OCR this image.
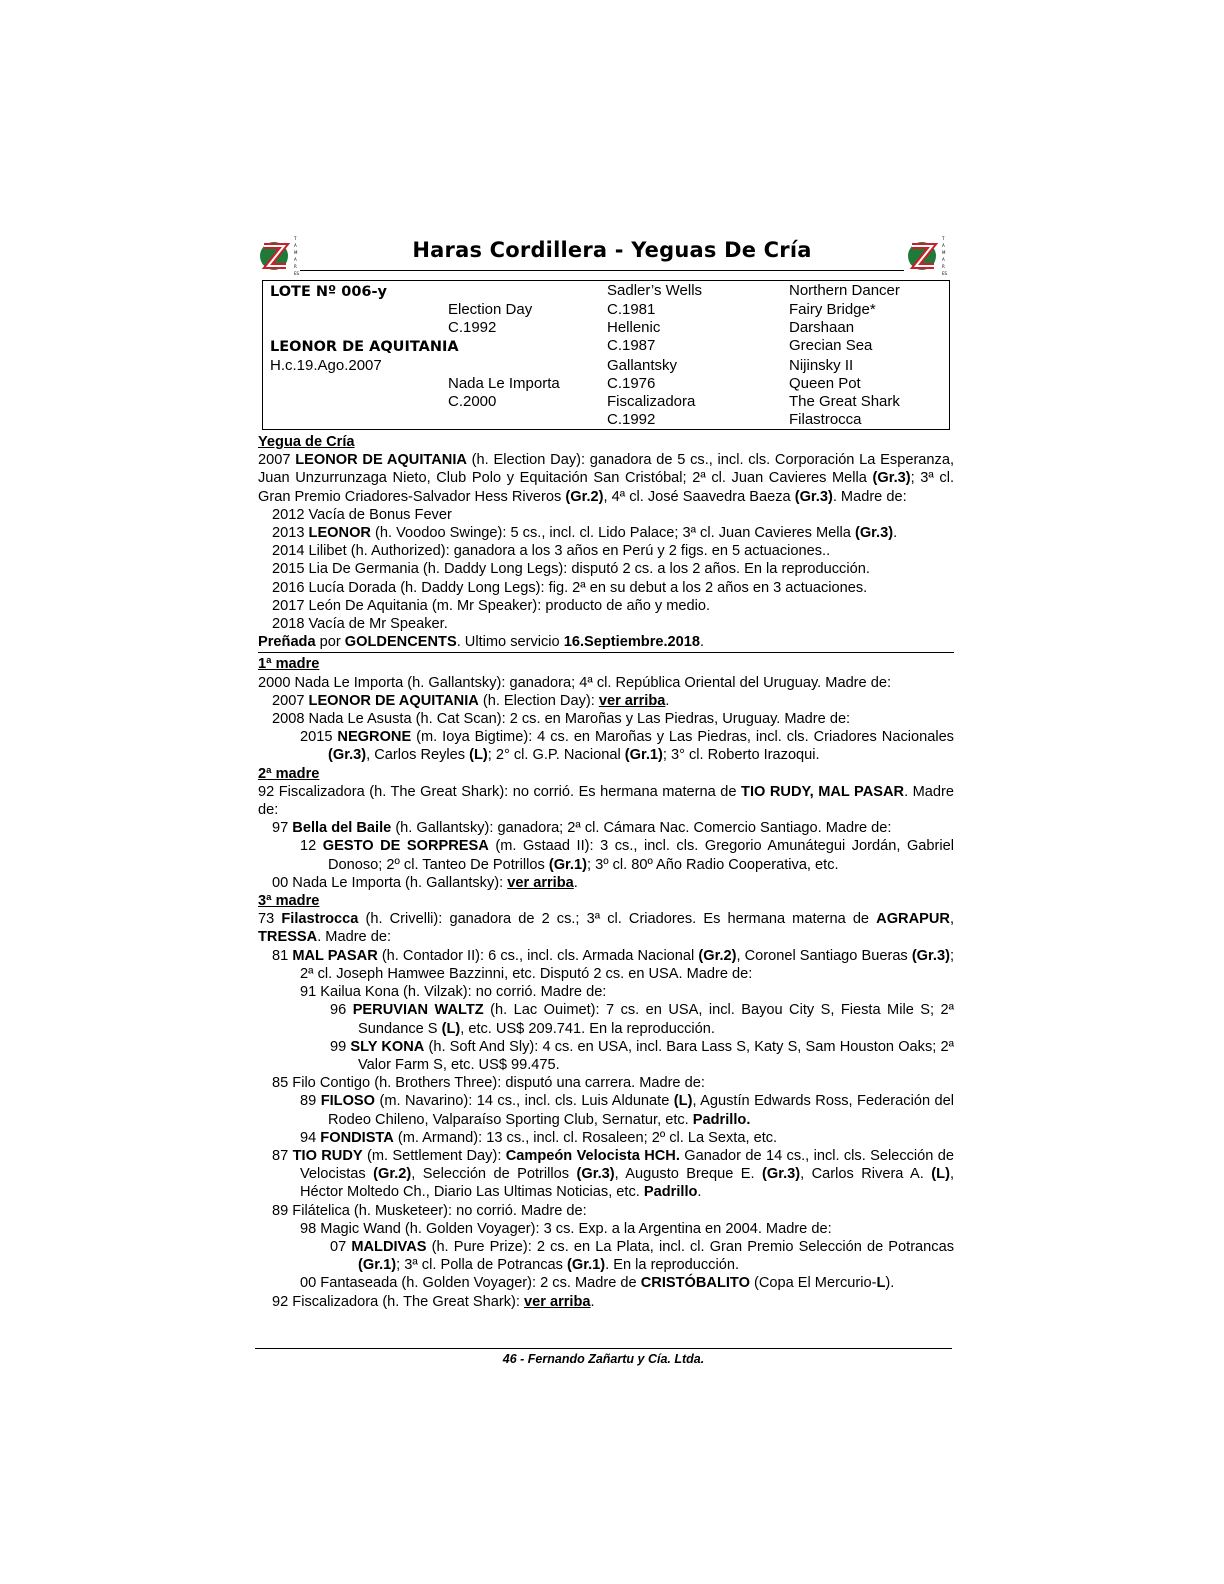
T
A
M
A
R
ES
T
A
M
A
R
ES
Haras Cordillera - Yeguas De Cría
LOTE Nº 006-y
LEONOR DE AQUITANIA
H.c.19.Ago.2007
Election Day
C.1992
Nada Le Importa
C.2000
Sadler’s Wells
C.1981
Hellenic
C.1987
Gallantsky
C.1976
Fiscalizadora
C.1992
Northern Dancer
Fairy Bridge*
Darshaan
Grecian Sea
Nijinsky II
Queen Pot
The Great Shark
Filastrocca

Yegua de Cría

2007 LEONOR DE AQUITANIA (h. Election Day): ganadora de 5 cs., incl. cls. Corporación La Esperanza, Juan Unzurrunzaga Nieto, Club Polo y Equitación San Cristóbal; 2ª cl. Juan Cavieres Mella (Gr.3); 3ª cl. Gran Premio Criadores-Salvador Hess Riveros (Gr.2), 4ª cl. José Saavedra Baeza (Gr.3). Madre de:

2012 Vacía de Bonus Fever

2013 LEONOR (h. Voodoo Swinge): 5 cs., incl. cl. Lido Palace; 3ª cl. Juan Cavieres Mella (Gr.3).

2014 Lilibet (h. Authorized): ganadora a los 3 años en Perú y 2 figs. en 5 actuaciones..

2015 Lia De Germania (h. Daddy Long Legs): disputó 2 cs. a los 2 años. En la reproducción.

2016 Lucía Dorada (h. Daddy Long Legs): fig. 2ª en su debut a los 2 años en 3 actuaciones.

2017 León De Aquitania (m. Mr Speaker): producto de año y medio.

2018 Vacía de Mr Speaker.

Preñada por GOLDENCENTS. Ultimo servicio 16.Septiembre.2018.

1ª madre

2000 Nada Le Importa (h. Gallantsky): ganadora; 4ª cl. República Oriental del Uruguay. Madre de:

2007 LEONOR DE AQUITANIA (h. Election Day): ver arriba.

2008 Nada Le Asusta (h. Cat Scan): 2 cs. en Maroñas y Las Piedras, Uruguay. Madre de:

2015 NEGRONE (m. Ioya Bigtime): 4 cs. en Maroñas y Las Piedras, incl. cls. Criadores Nacionales (Gr.3), Carlos Reyles (L); 2° cl. G.P. Nacional (Gr.1); 3° cl. Roberto Irazoqui.

2ª madre

92 Fiscalizadora (h. The Great Shark): no corrió. Es hermana materna de TIO RUDY, MAL PASAR. Madre de:

97 Bella del Baile (h. Gallantsky): ganadora; 2ª cl. Cámara Nac. Comercio Santiago. Madre de:

12 GESTO DE SORPRESA (m. Gstaad II): 3 cs., incl. cls. Gregorio Amunátegui Jordán, Gabriel Donoso; 2º cl. Tanteo De Potrillos (Gr.1); 3º cl. 80º Año Radio Cooperativa, etc.

00 Nada Le Importa (h. Gallantsky): ver arriba.

3ª madre

73 Filastrocca (h. Crivelli): ganadora de 2 cs.; 3ª cl. Criadores. Es hermana materna de AGRAPUR, TRESSA. Madre de:

81 MAL PASAR (h. Contador II): 6 cs., incl. cls. Armada Nacional (Gr.2), Coronel Santiago Bueras (Gr.3); 2ª cl. Joseph Hamwee Bazzinni, etc. Disputó 2 cs. en USA. Madre de:

91 Kailua Kona (h. Vilzak): no corrió. Madre de:

96 PERUVIAN WALTZ (h. Lac Ouimet): 7 cs. en USA, incl. Bayou City S, Fiesta Mile S; 2ª Sundance S (L), etc. US$ 209.741. En la reproducción.

99 SLY KONA (h. Soft And Sly): 4 cs. en USA, incl. Bara Lass S, Katy S, Sam Houston Oaks; 2ª Valor Farm S, etc. US$ 99.475.

85 Filo Contigo (h. Brothers Three): disputó una carrera. Madre de:

89 FILOSO (m. Navarino): 14 cs., incl. cls. Luis Aldunate (L), Agustín Edwards Ross, Federación del Rodeo Chileno, Valparaíso Sporting Club, Sernatur, etc. Padrillo.

94 FONDISTA (m. Armand): 13 cs., incl. cl. Rosaleen; 2º cl. La Sexta, etc.

87 TIO RUDY (m. Settlement Day): Campeón Velocista HCH. Ganador de 14 cs., incl. cls. Selección de Velocistas (Gr.2), Selección de Potrillos (Gr.3), Augusto Breque E. (Gr.3), Carlos Rivera A. (L), Héctor Moltedo Ch., Diario Las Ultimas Noticias, etc. Padrillo.

89 Filátelica (h. Musketeer): no corrió. Madre de:

98 Magic Wand (h. Golden Voyager): 3 cs. Exp. a la Argentina en 2004. Madre de:

07 MALDIVAS (h. Pure Prize): 2 cs. en La Plata, incl. cl. Gran Premio Selección de Potrancas (Gr.1); 3ª cl. Polla de Potrancas (Gr.1). En la reproducción.

00 Fantaseada (h. Golden Voyager): 2 cs. Madre de CRISTÓBALITO (Copa El Mercurio-L).

92 Fiscalizadora (h. The Great Shark): ver arriba.

46 - Fernando Zañartu y Cía. Ltda.
